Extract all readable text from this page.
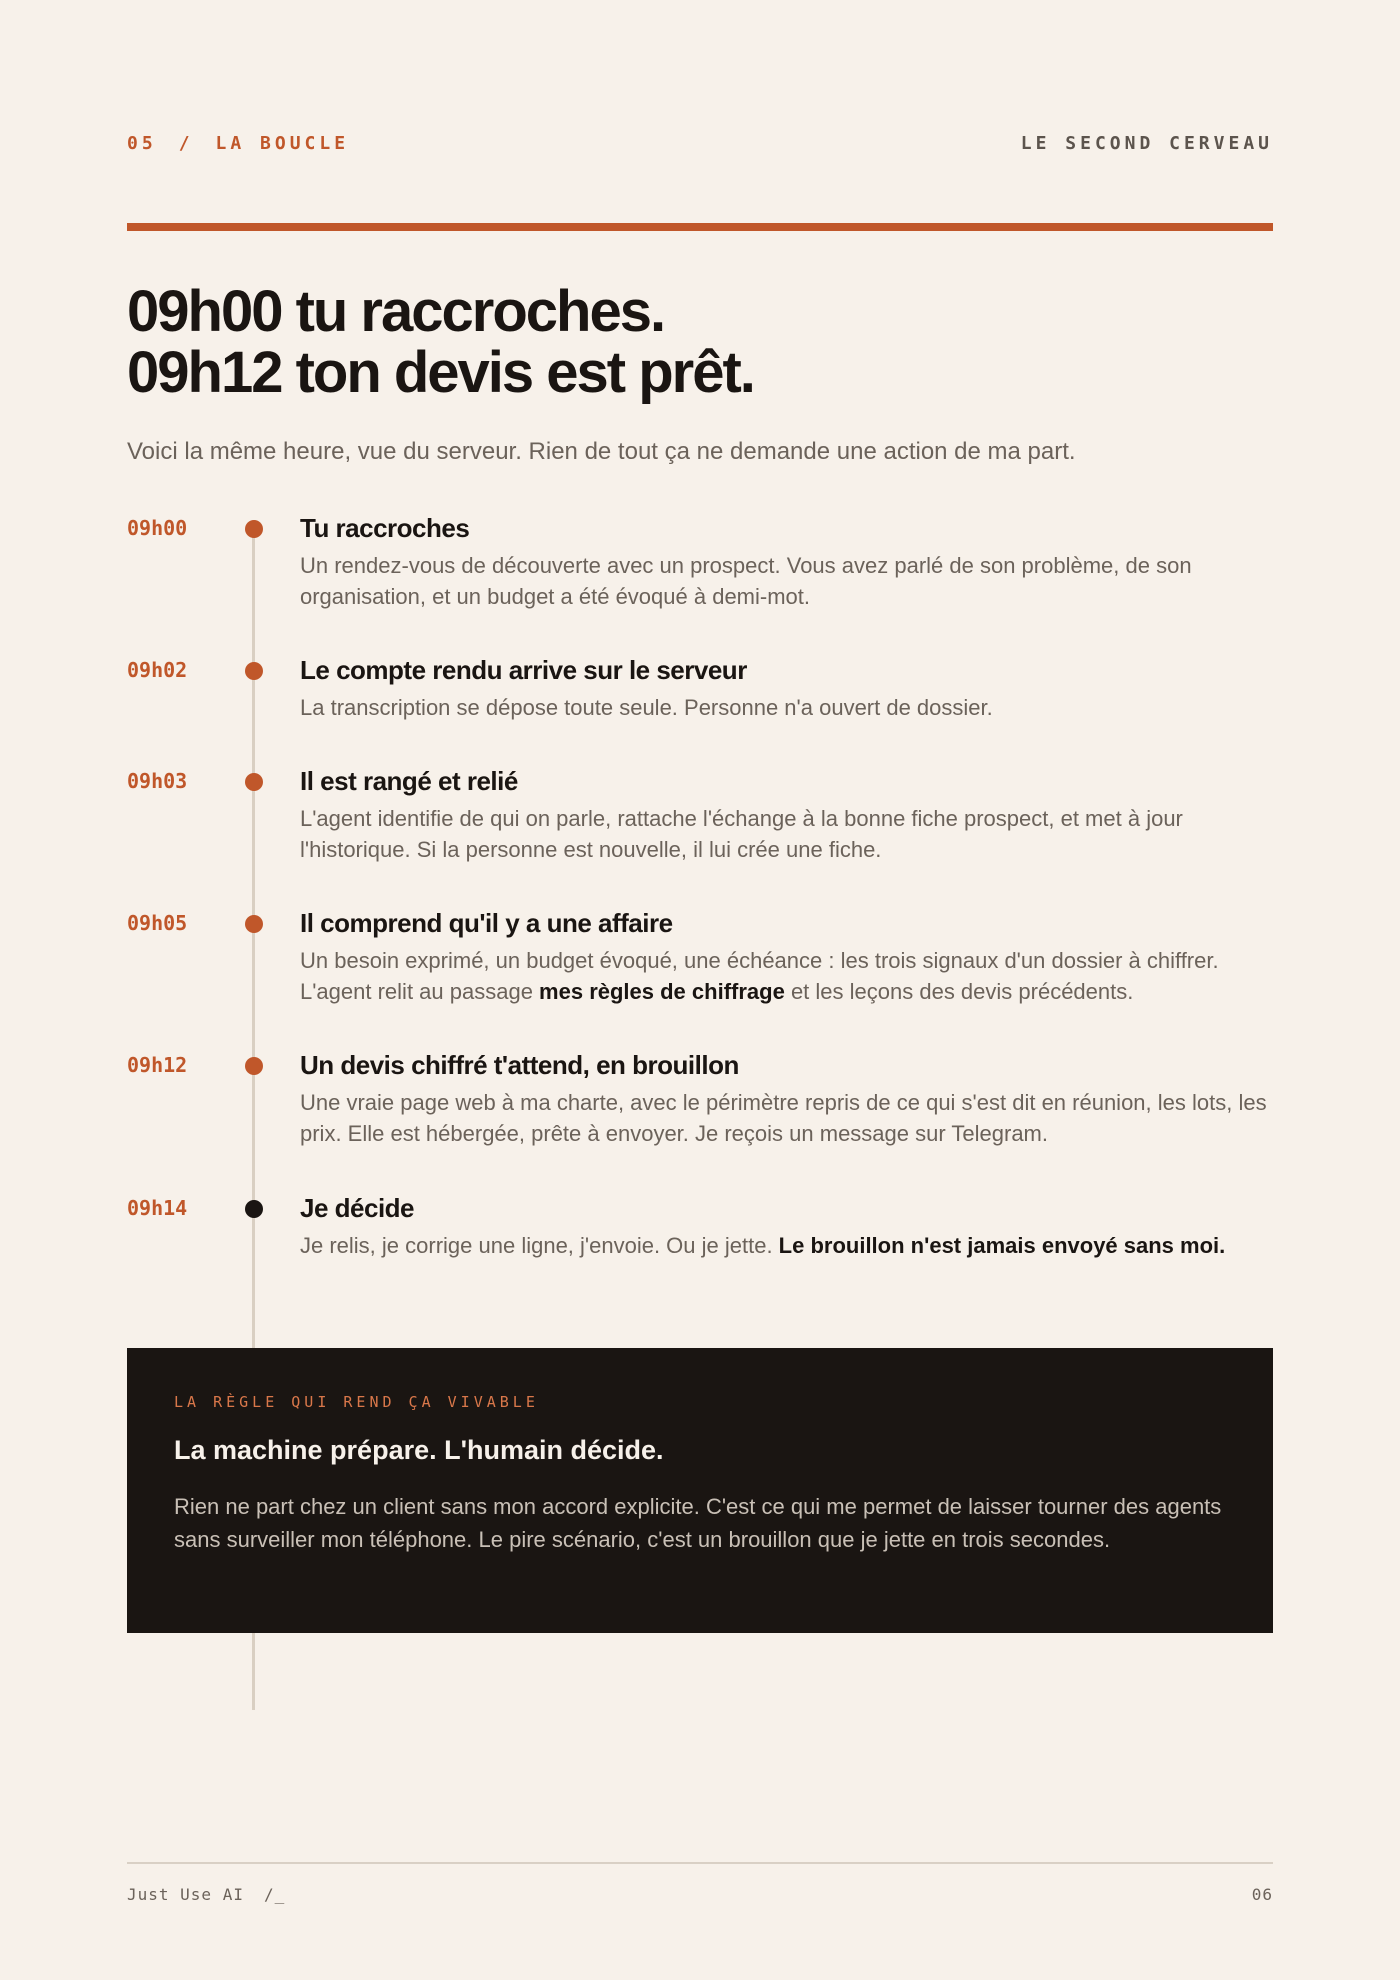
05 / LA BOUCLE	LE SECOND CERVEAU
09h00 tu raccroches.
09h12 ton devis est prêt.
Voici la même heure, vue du serveur. Rien de tout ça ne demande une action de ma part.
09h00	Tu raccroches
Un rendez-vous de découverte avec un prospect. Vous avez parlé de son problème, de son organisation, et un budget a été évoqué à demi-mot.
09h02	Le compte rendu arrive sur le serveur
La transcription se dépose toute seule. Personne n'a ouvert de dossier.
09h03	Il est rangé et relié
L'agent identifie de qui on parle, rattache l'échange à la bonne fiche prospect, et met à jour l'historique. Si la personne est nouvelle, il lui crée une fiche.
09h05	Il comprend qu'il y a une affaire
Un besoin exprimé, un budget évoqué, une échéance : les trois signaux d'un dossier à chiffrer. L'agent relit au passage mes règles de chiffrage et les leçons des devis précédents.
09h12	Un devis chiffré t'attend, en brouillon
Une vraie page web à ma charte, avec le périmètre repris de ce qui s'est dit en réunion, les lots, les prix. Elle est hébergée, prête à envoyer. Je reçois un message sur Telegram.
09h14	Je décide
Je relis, je corrige une ligne, j'envoie. Ou je jette. Le brouillon n'est jamais envoyé sans moi.
LA RÈGLE QUI REND ÇA VIVABLE
La machine prépare. L'humain décide.
Rien ne part chez un client sans mon accord explicite. C'est ce qui me permet de laisser tourner des agents sans surveiller mon téléphone. Le pire scénario, c'est un brouillon que je jette en trois secondes.
Just Use AI /_	06
